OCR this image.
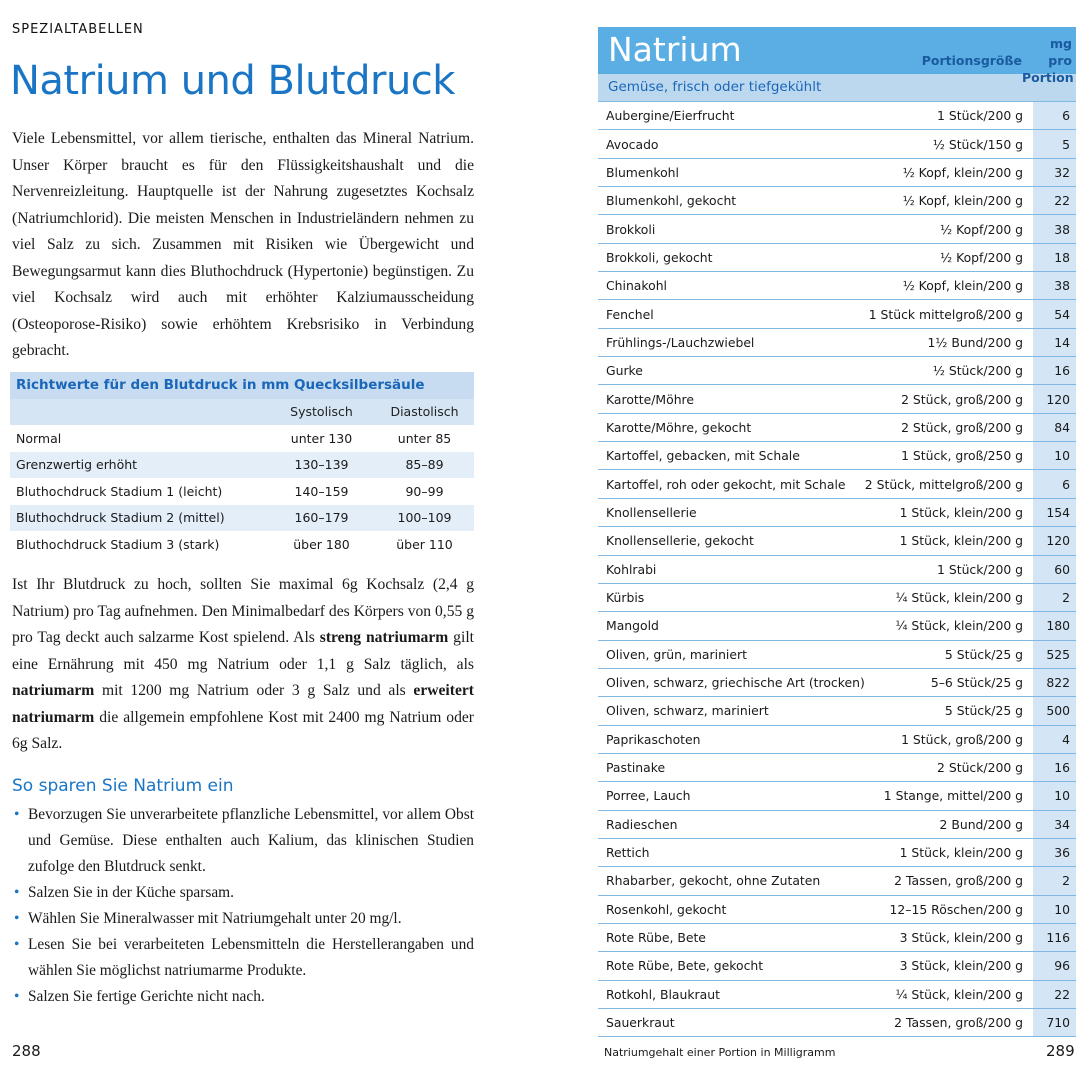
SPEZIALTABELLEN
Natrium und Blutdruck

Viele Lebensmittel, vor allem tierische, enthalten das Mineral Natrium. Unser Körper braucht es für den Flüssigkeitshaushalt und die Nervenreizleitung. Hauptquelle ist der Nahrung zugesetztes Kochsalz (Natriumchlorid). Die meisten Menschen in Industrieländern nehmen zu viel Salz zu sich. Zusammen mit Risiken wie Übergewicht und Bewegungsarmut kann dies Bluthochdruck (Hypertonie) begünstigen. Zu viel Kochsalz wird auch mit erhöhter Kalziumausscheidung (Osteoporose-Risiko) sowie erhöhtem Krebsrisiko in Verbindung gebracht.

Richtwerte für den Blutdruck in mm Quecksilbersäule		
	Systolisch	Diastolisch
Normal	unter 130	unter 85
Grenzwertig erhöht	130–139	85–89
Bluthochdruck Stadium 1 (leicht)	140–159	90–99
Bluthochdruck Stadium 2 (mittel)	160–179	100–109
Bluthochdruck Stadium 3 (stark)	über 180	über 110

Ist Ihr Blutdruck zu hoch, sollten Sie maximal 6g Kochsalz (2,4 g Natrium) pro Tag aufnehmen. Den Minimalbedarf des Körpers von 0,55 g pro Tag deckt auch salzarme Kost spielend. Als streng natriumarm gilt eine Ernährung mit 450 mg Natrium oder 1,1 g Salz täglich, als natriumarm mit 1200 mg Natrium oder 3 g Salz und als erweitert natriumarm die allgemein empfohlene Kost mit 2400 mg Natrium oder 6g Salz.

So sparen Sie Natrium ein
• Bevorzugen Sie unverarbeitete pflanzliche Lebensmittel, vor allem Obst und Gemüse. Diese enthalten auch Kalium, das klinischen Studien zufolge den Blutdruck senkt.
• Salzen Sie in der Küche sparsam.
• Wählen Sie Mineralwasser mit Natriumgehalt unter 20 mg/l.
• Lesen Sie bei verarbeiteten Lebensmitteln die Herstellerangaben und wählen Sie möglichst natriumarme Produkte.
• Salzen Sie fertige Gerichte nicht nach.
288
Natrium	Portionsgröße
mg pro
Portion
Gemüse, frisch oder tiefgekühlt
Aubergine/Eierfrucht	1 Stück/200 g	6
Avocado	½ Stück/150 g	5
Blumenkohl	½ Kopf, klein/200 g	32
Blumenkohl, gekocht	½ Kopf, klein/200 g	22
Brokkoli	½ Kopf/200 g	38
Brokkoli, gekocht	½ Kopf/200 g	18
Chinakohl	½ Kopf, klein/200 g	38
Fenchel	1 Stück mittelgroß/200 g	54
Frühlings-/Lauchzwiebel	1½ Bund/200 g	14
Gurke	½ Stück/200 g	16
Karotte/Möhre	2 Stück, groß/200 g	120
Karotte/Möhre, gekocht	2 Stück, groß/200 g	84
Kartoffel, gebacken, mit Schale	1 Stück, groß/250 g	10
Kartoffel, roh oder gekocht, mit Schale	2 Stück, mittelgroß/200 g	6
Knollensellerie	1 Stück, klein/200 g	154
Knollensellerie, gekocht	1 Stück, klein/200 g	120
Kohlrabi	1 Stück/200 g	60
Kürbis	¼ Stück, klein/200 g	2
Mangold	¼ Stück, klein/200 g	180
Oliven, grün, mariniert	5 Stück/25 g	525
Oliven, schwarz, griechische Art (trocken)	5–6 Stück/25 g	822
Oliven, schwarz, mariniert	5 Stück/25 g	500
Paprikaschoten	1 Stück, groß/200 g	4
Pastinake	2 Stück/200 g	16
Porree, Lauch	1 Stange, mittel/200 g	10
Radieschen	2 Bund/200 g	34
Rettich	1 Stück, klein/200 g	36
Rhabarber, gekocht, ohne Zutaten	2 Tassen, groß/200 g	2
Rosenkohl, gekocht	12–15 Röschen/200 g	10
Rote Rübe, Bete	3 Stück, klein/200 g	116
Rote Rübe, Bete, gekocht	3 Stück, klein/200 g	96
Rotkohl, Blaukraut	¼ Stück, klein/200 g	22
Sauerkraut	2 Tassen, groß/200 g	710
Natriumgehalt einer Portion in Milligramm	289
